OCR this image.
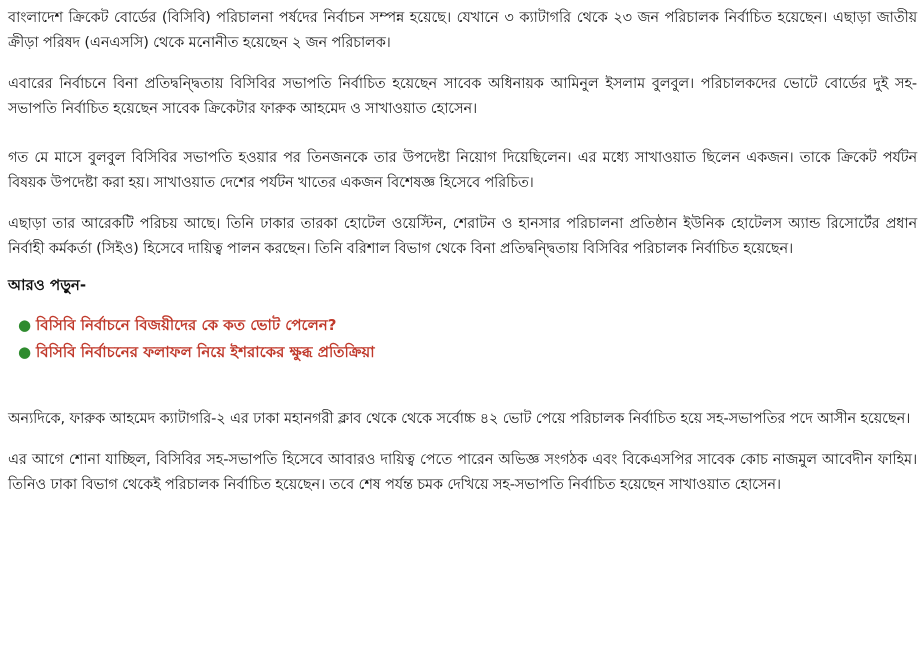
বাংলাদেশ ক্রিকেট বোর্ডের (বিসিবি) পরিচালনা পর্ষদের নির্বাচন সম্পন্ন হয়েছে। যেখানে ৩ ক্যাটাগরি থেকে ২৩ জন পরিচালক নির্বাচিত হয়েছেন। এছাড়া জাতীয় ক্রীড়া পরিষদ (এনএসসি) থেকে মনোনীত হয়েছেন ২ জন পরিচালক।

এবারের নির্বাচনে বিনা প্রতিদ্বন্দ্বিতায় বিসিবির সভাপতি নির্বাচিত হয়েছেন সাবেক অধিনায়ক আমিনুল ইসলাম বুলবুল। পরিচালকদের ভোটে বোর্ডের দুই সহ-সভাপতি নির্বাচিত হয়েছেন সাবেক ক্রিকেটার ফারুক আহমেদ ও সাখাওয়াত হোসেন।

গত মে মাসে বুলবুল বিসিবির সভাপতি হওয়ার পর তিনজনকে তার উপদেষ্টা নিয়োগ দিয়েছিলেন। এর মধ্যে সাখাওয়াত ছিলেন একজন। তাকে ক্রিকেট পর্যটন বিষয়ক উপদেষ্টা করা হয়। সাখাওয়াত দেশের পর্যটন খাতের একজন বিশেষজ্ঞ হিসেবে পরিচিত।

এছাড়া তার আরেকটি পরিচয় আছে। তিনি ঢাকার তারকা হোটেল ওয়েস্টিন, শেরাটন ও হানসার পরিচালনা প্রতিষ্ঠান ইউনিক হোটেলস অ্যান্ড রিসোর্টের প্রধান নির্বাহী কর্মকর্তা (সিইও) হিসেবে দায়িত্ব পালন করছেন। তিনি বরিশাল বিভাগ থেকে বিনা প্রতিদ্বন্দ্বিতায় বিসিবির পরিচালক নির্বাচিত হয়েছেন।

আরও পড়ুন-
● বিসিবি নির্বাচনে বিজয়ীদের কে কত ভোট পেলেন?
● বিসিবি নির্বাচনের ফলাফল নিয়ে ইশরাকের ক্ষুব্ধ প্রতিক্রিয়া

অন্যদিকে, ফারুক আহমেদ ক্যাটাগরি-২ এর ঢাকা মহানগরী ক্লাব থেকে থেকে সর্বোচ্চ ৪২ ভোট পেয়ে পরিচালক নির্বাচিত হয়ে সহ-সভাপতির পদে আসীন হয়েছেন।

এর আগে শোনা যাচ্ছিল, বিসিবির সহ-সভাপতি হিসেবে আবারও দায়িত্ব পেতে পারেন অভিজ্ঞ সংগঠক এবং বিকেএসপির সাবেক কোচ নাজমুল আবেদীন ফাহিম। তিনিও ঢাকা বিভাগ থেকেই পরিচালক নির্বাচিত হয়েছেন। তবে শেষ পর্যন্ত চমক দেখিয়ে সহ-সভাপতি নির্বাচিত হয়েছেন সাখাওয়াত হোসেন।
